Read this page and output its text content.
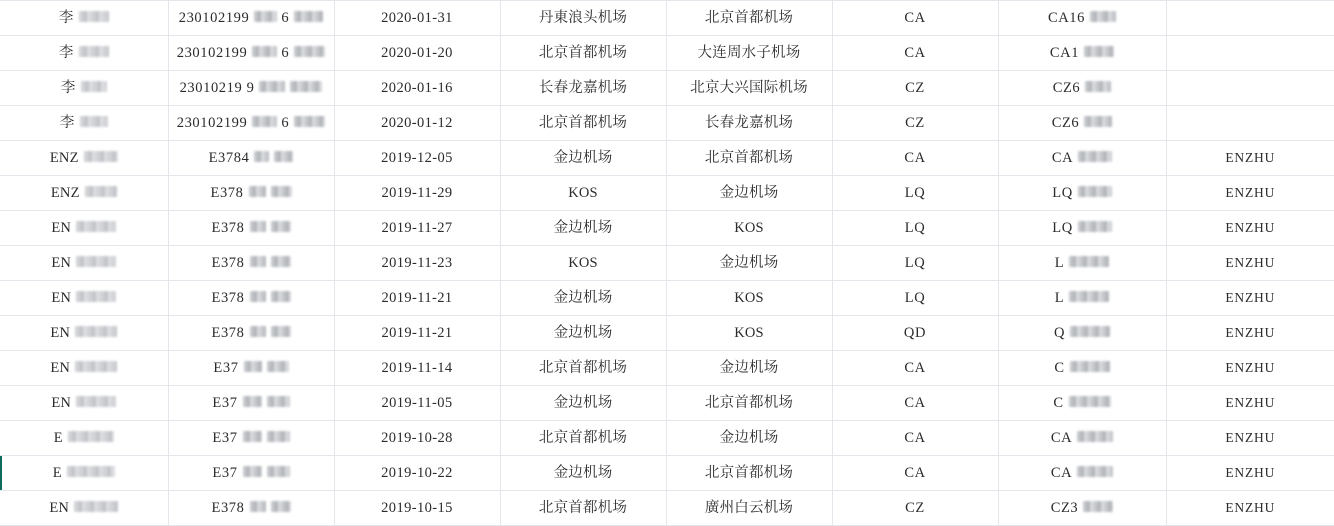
李	230102199 6	2020-01-31	丹東浪头机场	北京首都机场	CA	CA16	

李	230102199 6	2020-01-20	北京首都机场	大连周水子机场	CA	CA1	

李	23010219 9	2020-01-16	长春龙嘉机场	北京大兴国际机场	CZ	CZ6	

李	230102199 6	2020-01-12	北京首都机场	长春龙嘉机场	CZ	CZ6	

ENZ	E3784	2019-12-05	金边机场	北京首都机场	CA	CA	ENZHU

ENZ	E378	2019-11-29	KOS	金边机场	LQ	LQ	ENZHU

EN	E378	2019-11-27	金边机场	KOS	LQ	LQ	ENZHU

EN	E378	2019-11-23	KOS	金边机场	LQ	L	ENZHU

EN	E378	2019-11-21	金边机场	KOS	LQ	L	ENZHU

EN	E378	2019-11-21	金边机场	KOS	QD	Q	ENZHU

EN	E37	2019-11-14	北京首都机场	金边机场	CA	C	ENZHU

EN	E37	2019-11-05	金边机场	北京首都机场	CA	C	ENZHU

E	E37	2019-10-28	北京首都机场	金边机场	CA	CA	ENZHU

E	E37	2019-10-22	金边机场	北京首都机场	CA	CA	ENZHU

EN	E378	2019-10-15	北京首都机场	廣州白云机场	CZ	CZ3	ENZHU
